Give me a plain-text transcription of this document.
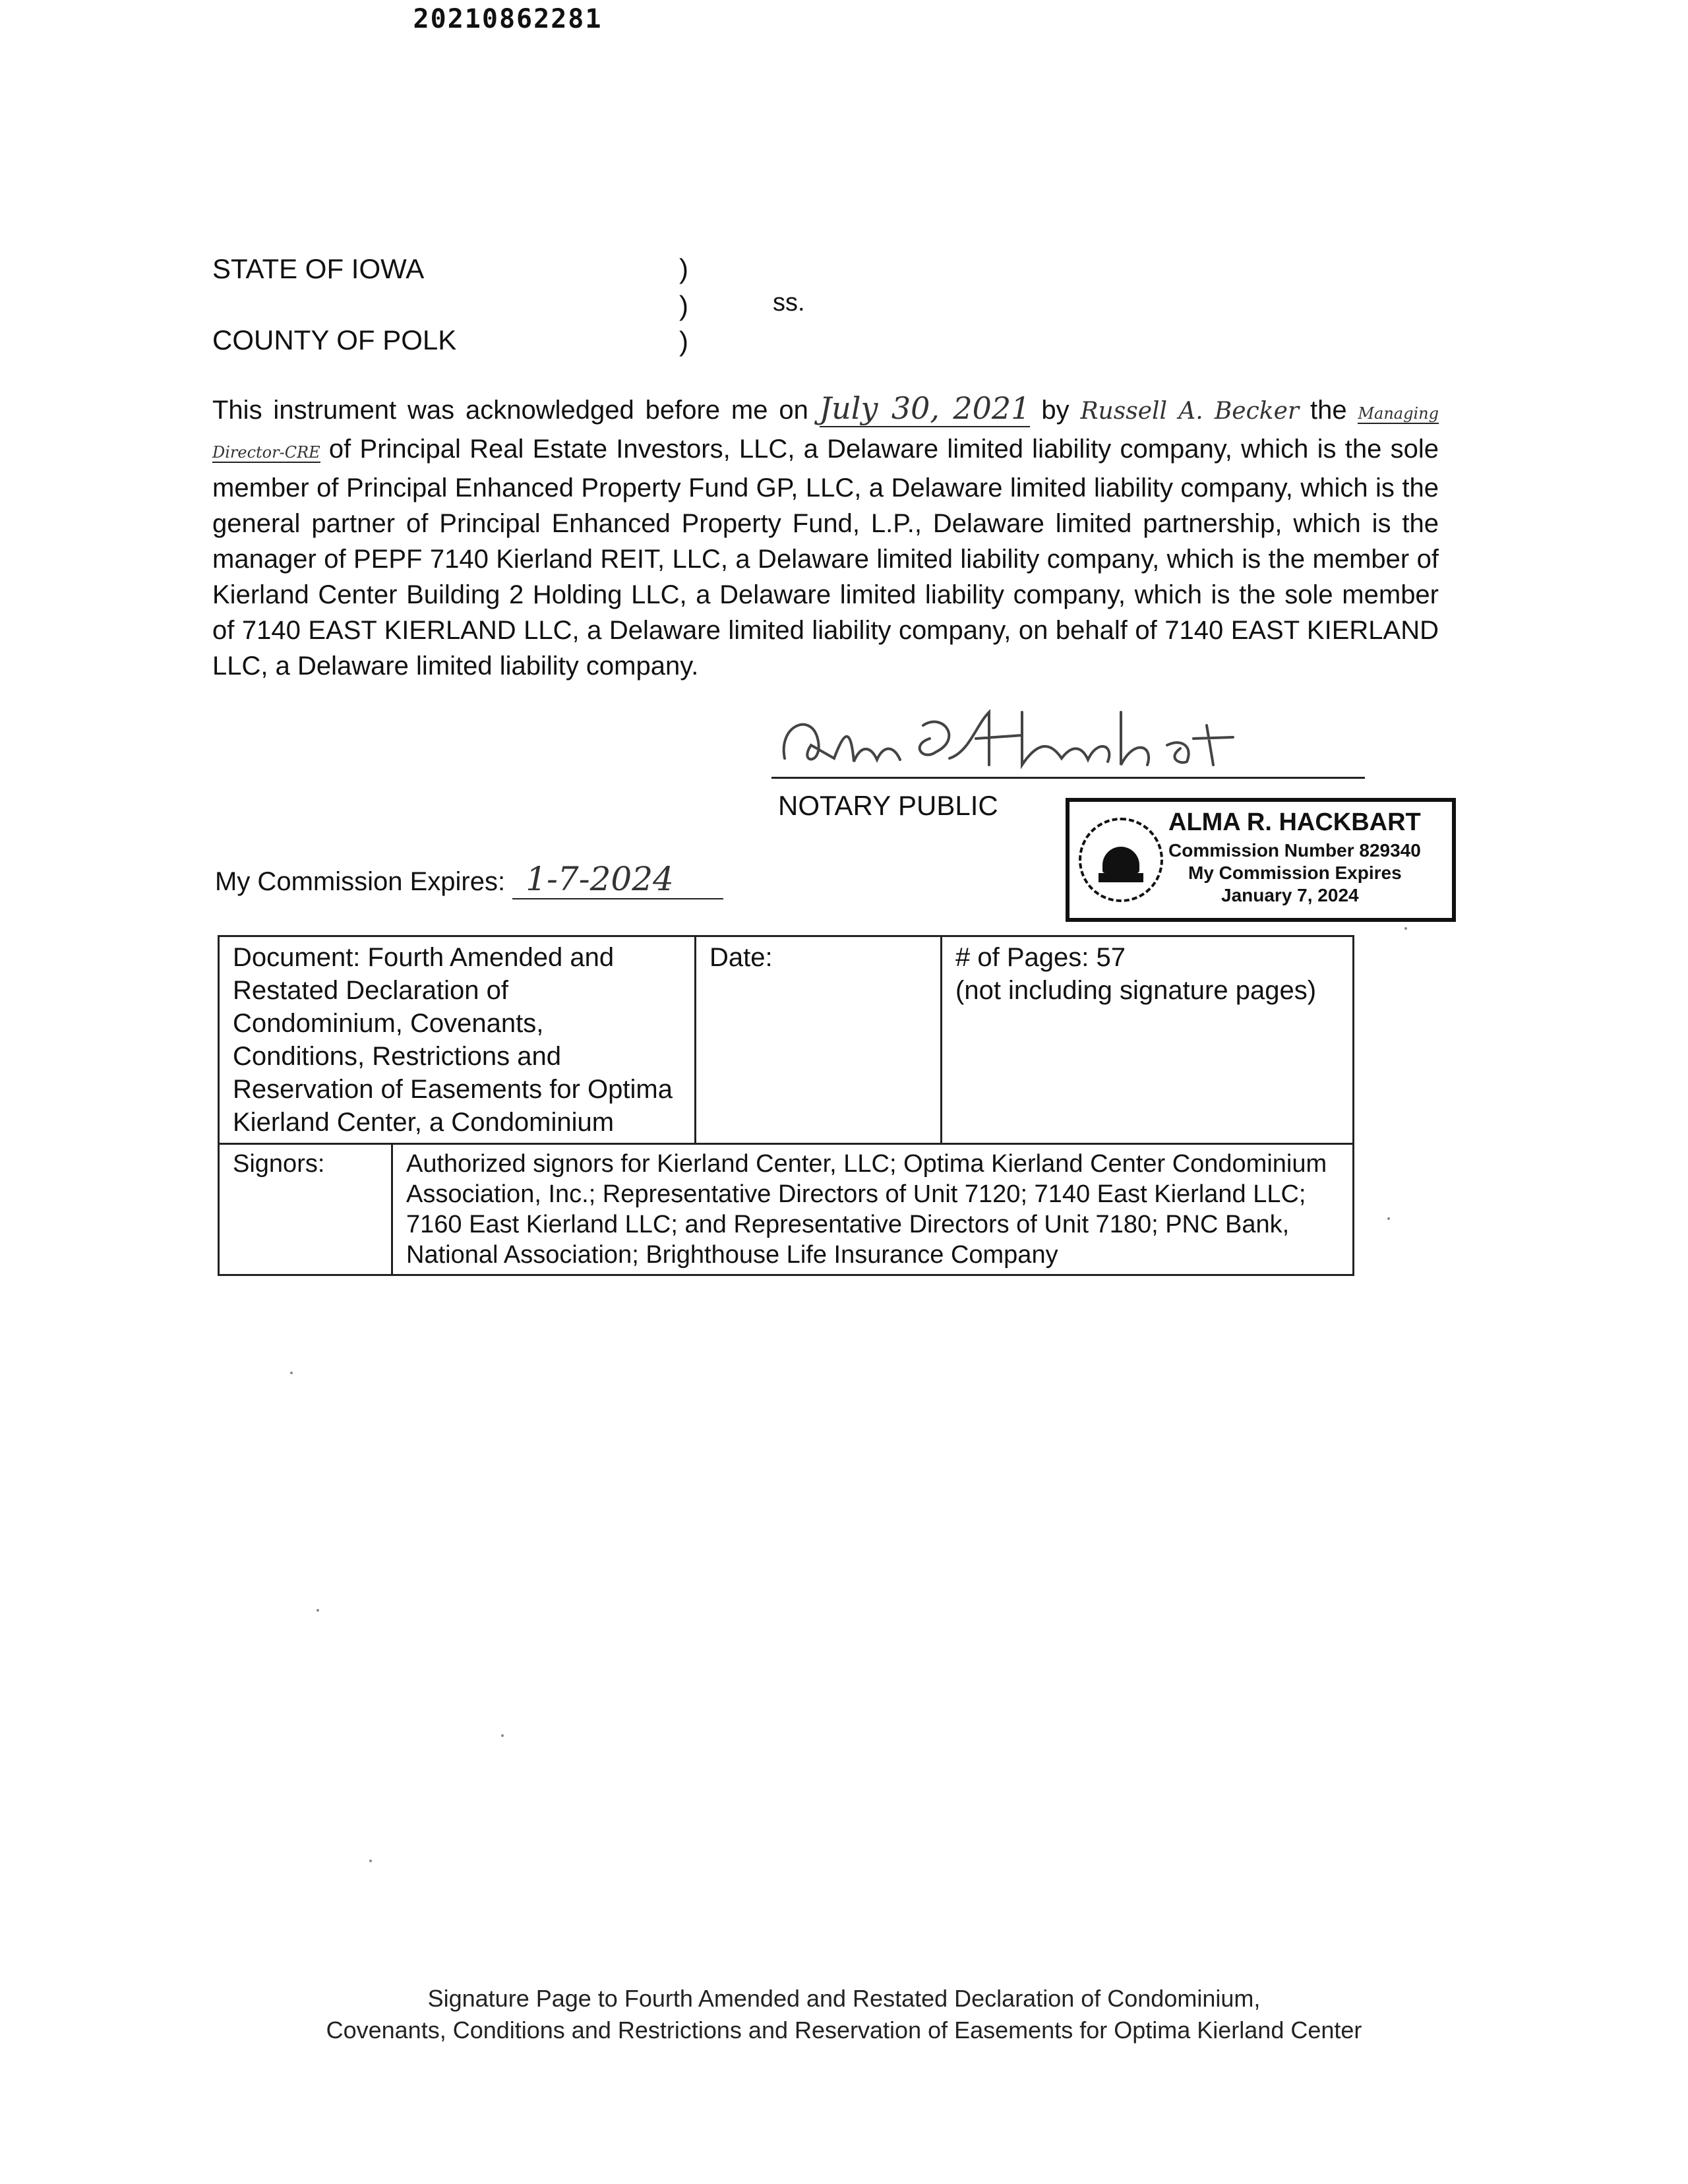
20210862281
STATE OF IOWA
COUNTY OF POLK
)
)
)
ss.
This instrument was acknowledged before me on July 30, 2021 by Russell A. Becker the Managing Director-CRE of Principal Real Estate Investors, LLC, a Delaware limited liability company, which is the sole member of Principal Enhanced Property Fund GP, LLC, a Delaware limited liability company, which is the general partner of Principal Enhanced Property Fund, L.P., Delaware limited partnership, which is the manager of PEPF 7140 Kierland REIT, LLC, a Delaware limited liability company, which is the member of Kierland Center Building 2 Holding LLC, a Delaware limited liability company, which is the sole member of 7140 EAST KIERLAND LLC, a Delaware limited liability company, on behalf of 7140 EAST KIERLAND LLC, a Delaware limited liability company.
NOTARY PUBLIC
My Commission Expires: 1-7-2024
ALMA R. HACKBART
Commission Number 829340
My Commission Expires
January 7, 2024
Document: Fourth Amended and Restated Declaration of Condominium, Covenants, Conditions, Restrictions and Reservation of Easements for Optima Kierland Center, a Condominium	Date:	# of Pages: 57
(not including signature pages)

Signors:	Authorized signors for Kierland Center, LLC; Optima Kierland Center Condominium Association, Inc.; Representative Directors of Unit 7120; 7140 East Kierland LLC; 7160 East Kierland LLC; and Representative Directors of Unit 7180; PNC Bank, National Association; Brighthouse Life Insurance Company
Signature Page to Fourth Amended and Restated Declaration of Condominium,
Covenants, Conditions and Restrictions and Reservation of Easements for Optima Kierland Center
